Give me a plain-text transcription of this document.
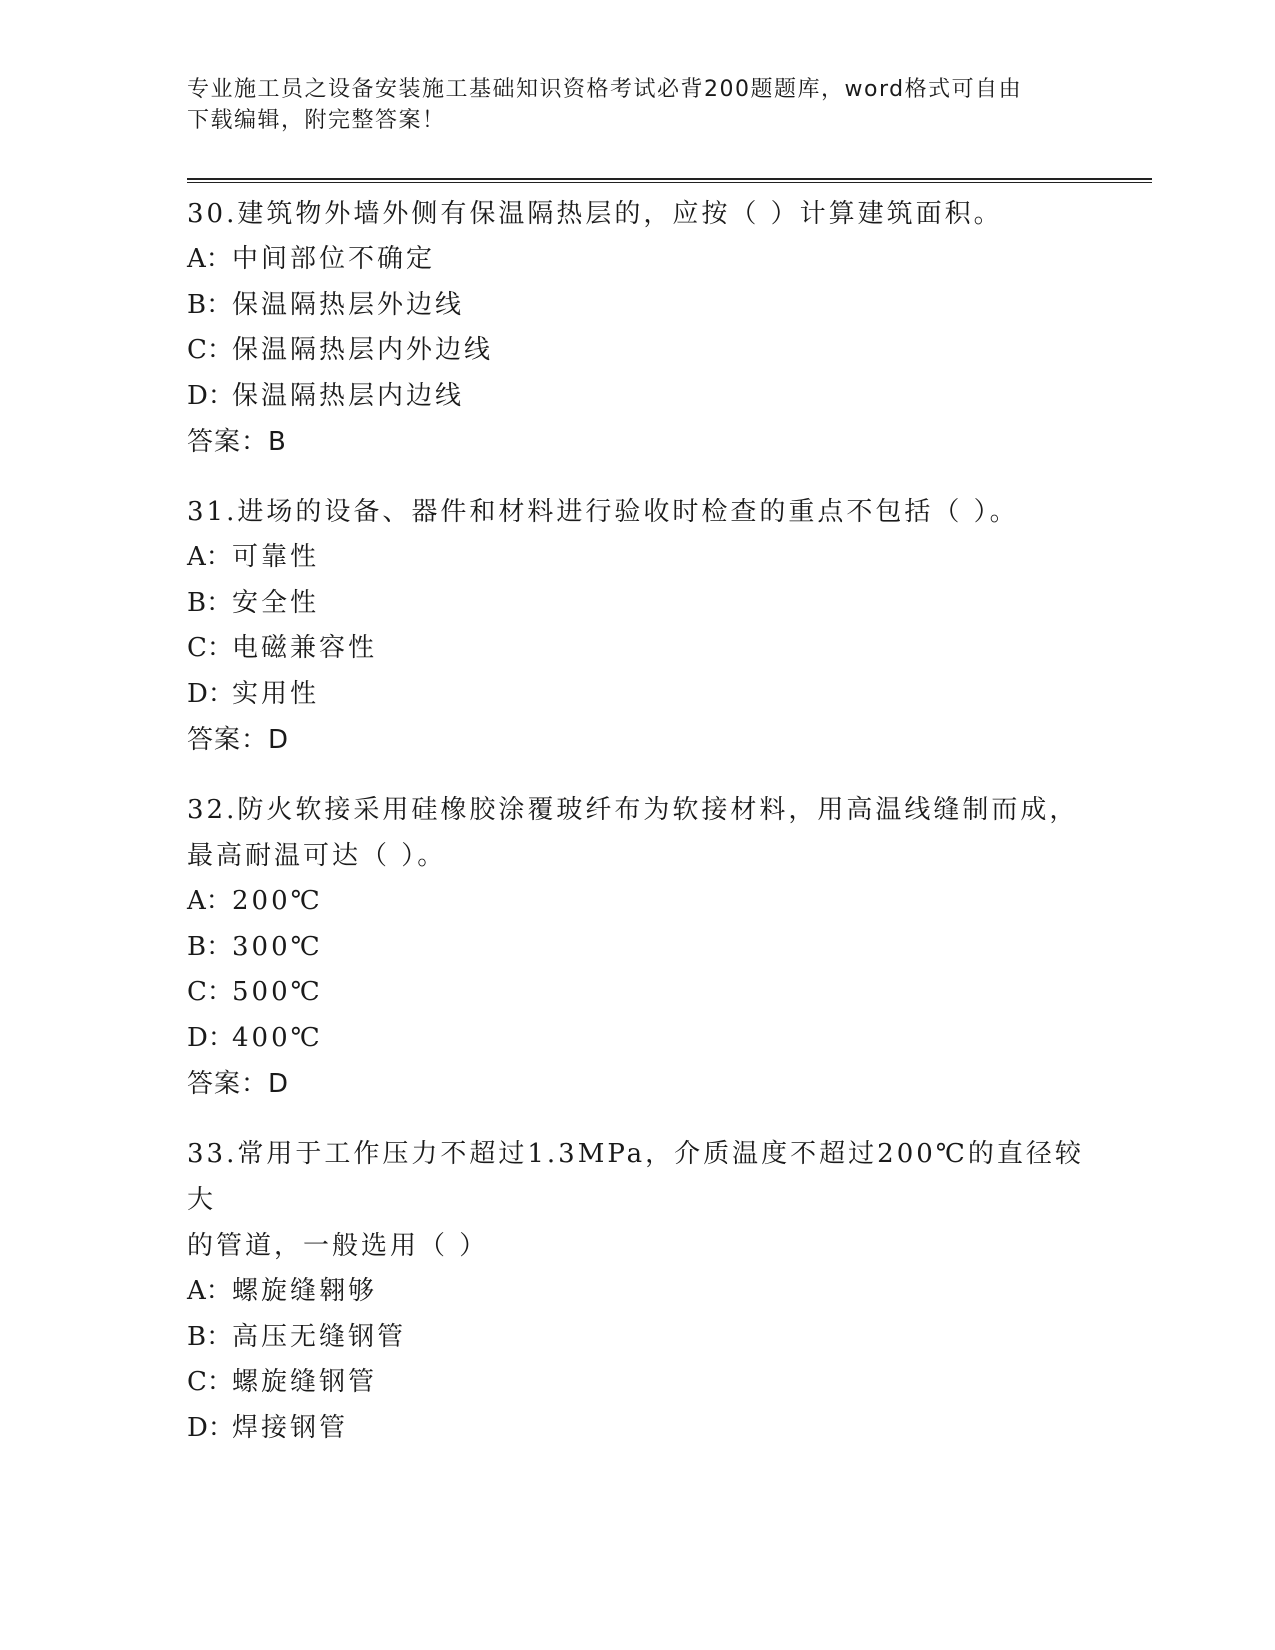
专业施工员之设备安装施工基础知识资格考试必背200题题库，word格式可自由
下载编辑，附完整答案！
30.建筑物外墙外侧有保温隔热层的，应按（ ）计算建筑面积。
A：中间部位不确定
B：保温隔热层外边线
C：保温隔热层内外边线
D：保温隔热层内边线
答案：B
31.进场的设备、器件和材料进行验收时检查的重点不包括（ ）。
A：可靠性
B：安全性
C：电磁兼容性
D：实用性
答案：D
32.防火软接采用硅橡胶涂覆玻纤布为软接材料，用高温线缝制而成，
最高耐温可达（ ）。
A：200℃
B：300℃
C：500℃
D：400℃
答案：D
33.常用于工作压力不超过1.3MPa，介质温度不超过200℃的直径较大
的管道，一般选用（ ）
A：螺旋缝翱够
B：高压无缝钢管
C：螺旋缝钢管
D：焊接钢管
